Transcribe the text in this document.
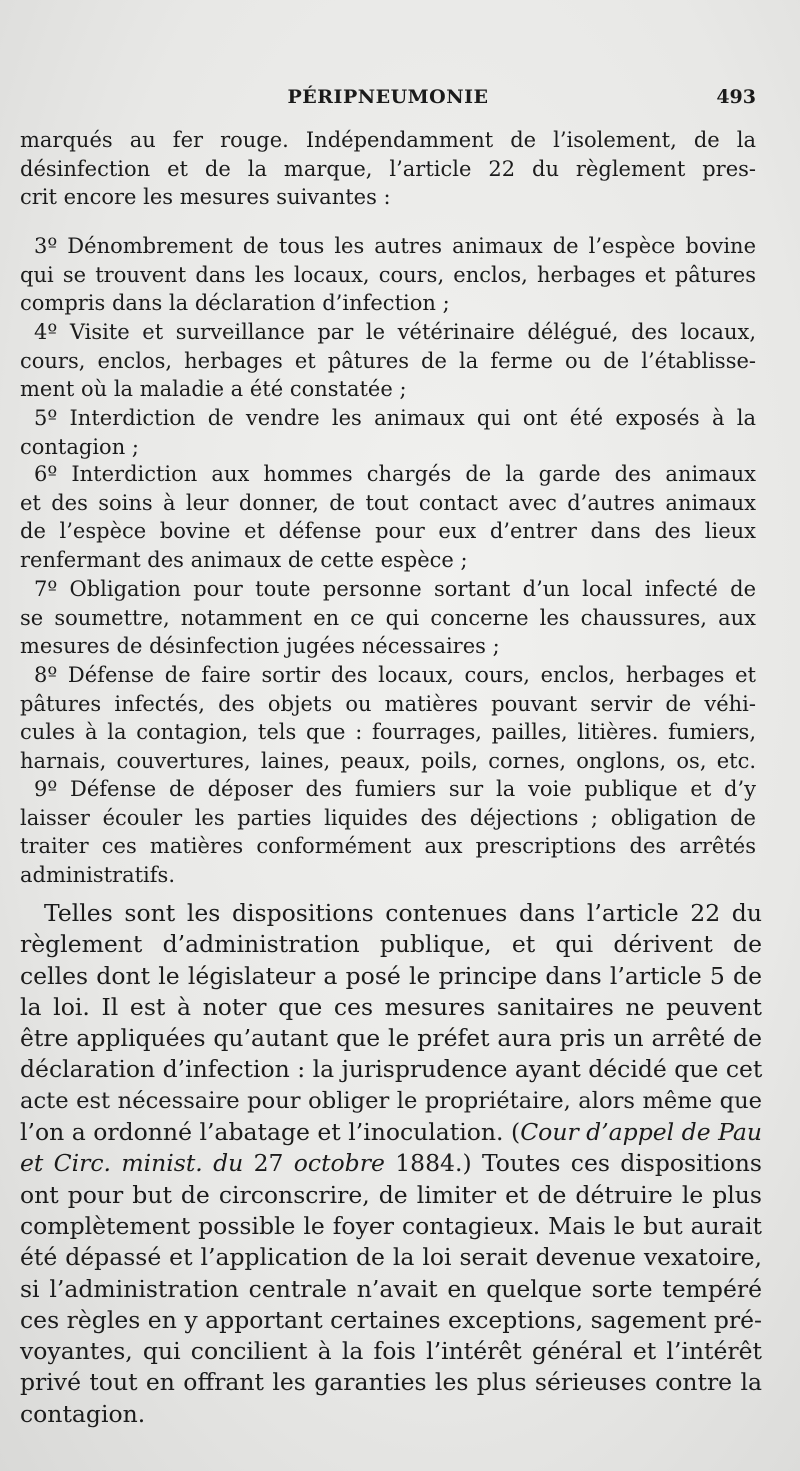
PÉRIPNEUMONIE	493
marqués au fer rouge. Indépendamment de l’isolement, de la
désinfection et de la marque, l’article 22 du règlement pres-
crit encore les mesures suivantes :
3º Dénombrement de tous les autres animaux de l’espèce bovine
qui se trouvent dans les locaux, cours, enclos, herbages et pâtures
compris dans la déclaration d’infection ;
4º Visite et surveillance par le vétérinaire délégué, des locaux,
cours, enclos, herbages et pâtures de la ferme ou de l’établisse-
ment où la maladie a été constatée ;
5º Interdiction de vendre les animaux qui ont été exposés à la
contagion ;
6º Interdiction aux hommes chargés de la garde des animaux
et des soins à leur donner, de tout contact avec d’autres animaux
de l’espèce bovine et défense pour eux d’entrer dans des lieux
renfermant des animaux de cette espèce ;
7º Obligation pour toute personne sortant d’un local infecté de
se soumettre, notamment en ce qui concerne les chaussures, aux
mesures de désinfection jugées nécessaires ;
8º Défense de faire sortir des locaux, cours, enclos, herbages et
pâtures infectés, des objets ou matières pouvant servir de véhi-
cules à la contagion, tels que : fourrages, pailles, litières. fumiers,
harnais, couvertures, laines, peaux, poils, cornes, onglons, os, etc.
9º Défense de déposer des fumiers sur la voie publique et d’y
laisser écouler les parties liquides des déjections ; obligation de
traiter ces matières conformément aux prescriptions des arrêtés
administratifs.
Telles sont les dispositions contenues dans l’article 22 du
règlement d’administration publique, et qui dérivent de
celles dont le législateur a posé le principe dans l’article 5 de
la loi. Il est à noter que ces mesures sanitaires ne peuvent
être appliquées qu’autant que le préfet aura pris un arrêté de
déclaration d’infection : la jurisprudence ayant décidé que cet
acte est nécessaire pour obliger le propriétaire, alors même que
l’on a ordonné l’abatage et l’inoculation. (Cour d’appel de Pau
et Circ. minist. du 27 octobre 1884.) Toutes ces dispositions
ont pour but de circonscrire, de limiter et de détruire le plus
complètement possible le foyer contagieux. Mais le but aurait
été dépassé et l’application de la loi serait devenue vexatoire,
si l’administration centrale n’avait en quelque sorte tempéré
ces règles en y apportant certaines exceptions, sagement pré-
voyantes, qui concilient à la fois l’intérêt général et l’intérêt
privé tout en offrant les garanties les plus sérieuses contre la
contagion.
